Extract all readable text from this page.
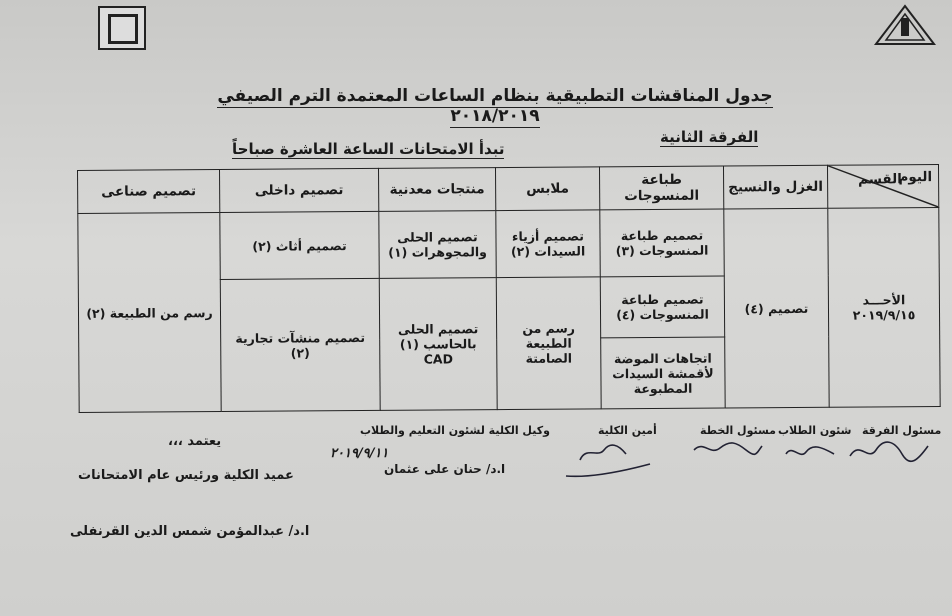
جدول المناقشات التطبيقية بنظام الساعات المعتمدة الترم الصيفي ٢٠١٨/٢٠١٩
الفرقة الثانية
تبدأ الامتحانات الساعة العاشرة صباحاً
اليوم
القسم	الغزل والنسيج	طباعة المنسوجات	ملابس	منتجات معدنية	تصميم داخلى	تصميم صناعى

الأحـــد
٢٠١٩/٩/١٥	تصميم (٤)	تصميم طباعة المنسوجات (٣)	تصميم أزياء السيدات (٢)	تصميم الحلى والمجوهرات (١)	تصميم أثاث (٢)	رسم من الطبيعة (٢)
		تصميم طباعة المنسوجات (٤)	رسم من الطبيعة الصامتة	تصميم الحلى بالحاسب (١) CAD	تصميم منشآت تجارية (٢)	
		اتجاهات الموضة لأقمشة السيدات المطبوعة				
مسئول الفرقة
شئون الطلاب
مسئول الخطة
أمين الكلية
وكيل الكلية لشئون التعليم والطلاب
٢٠١٩/٩/١١
ا.د/ حنان على عثمان
يعتمد ،،،
عميد الكلية ورئيس عام الامتحانات
ا.د/ عبدالمؤمن شمس الدين القرنفلى
